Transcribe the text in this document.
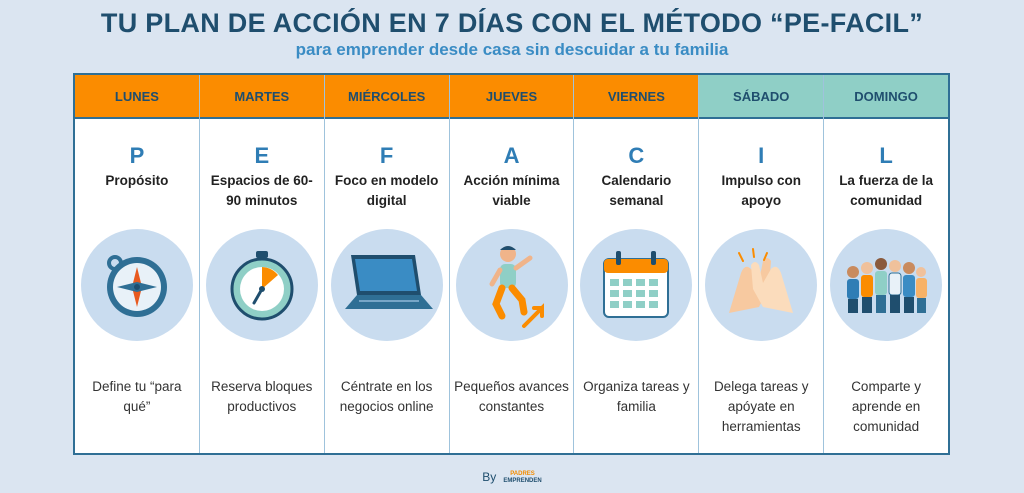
TU PLAN DE ACCIÓN EN 7 DÍAS CON EL MÉTODO “PE-FACIL”
para emprender desde casa sin descuidar a tu familia
LUNES
P
Propósito
Define tu “para qué”
MARTES
E
Espacios de 60-90 minutos
Reserva bloques productivos
MIÉRCOLES
F
Foco en modelo digital
Céntrate en los negocios online
JUEVES
A
Acción mínima viable
Pequeños avances constantes
VIERNES
C
Calendario semanal
Organiza tareas y familia
SÁBADO
I
Impulso con apoyo
Delega tareas y apóyate en herramientas
DOMINGO
L
La fuerza de la comunidad
Comparte y aprende en comunidad
By	PADRES
EMPRENDEN
